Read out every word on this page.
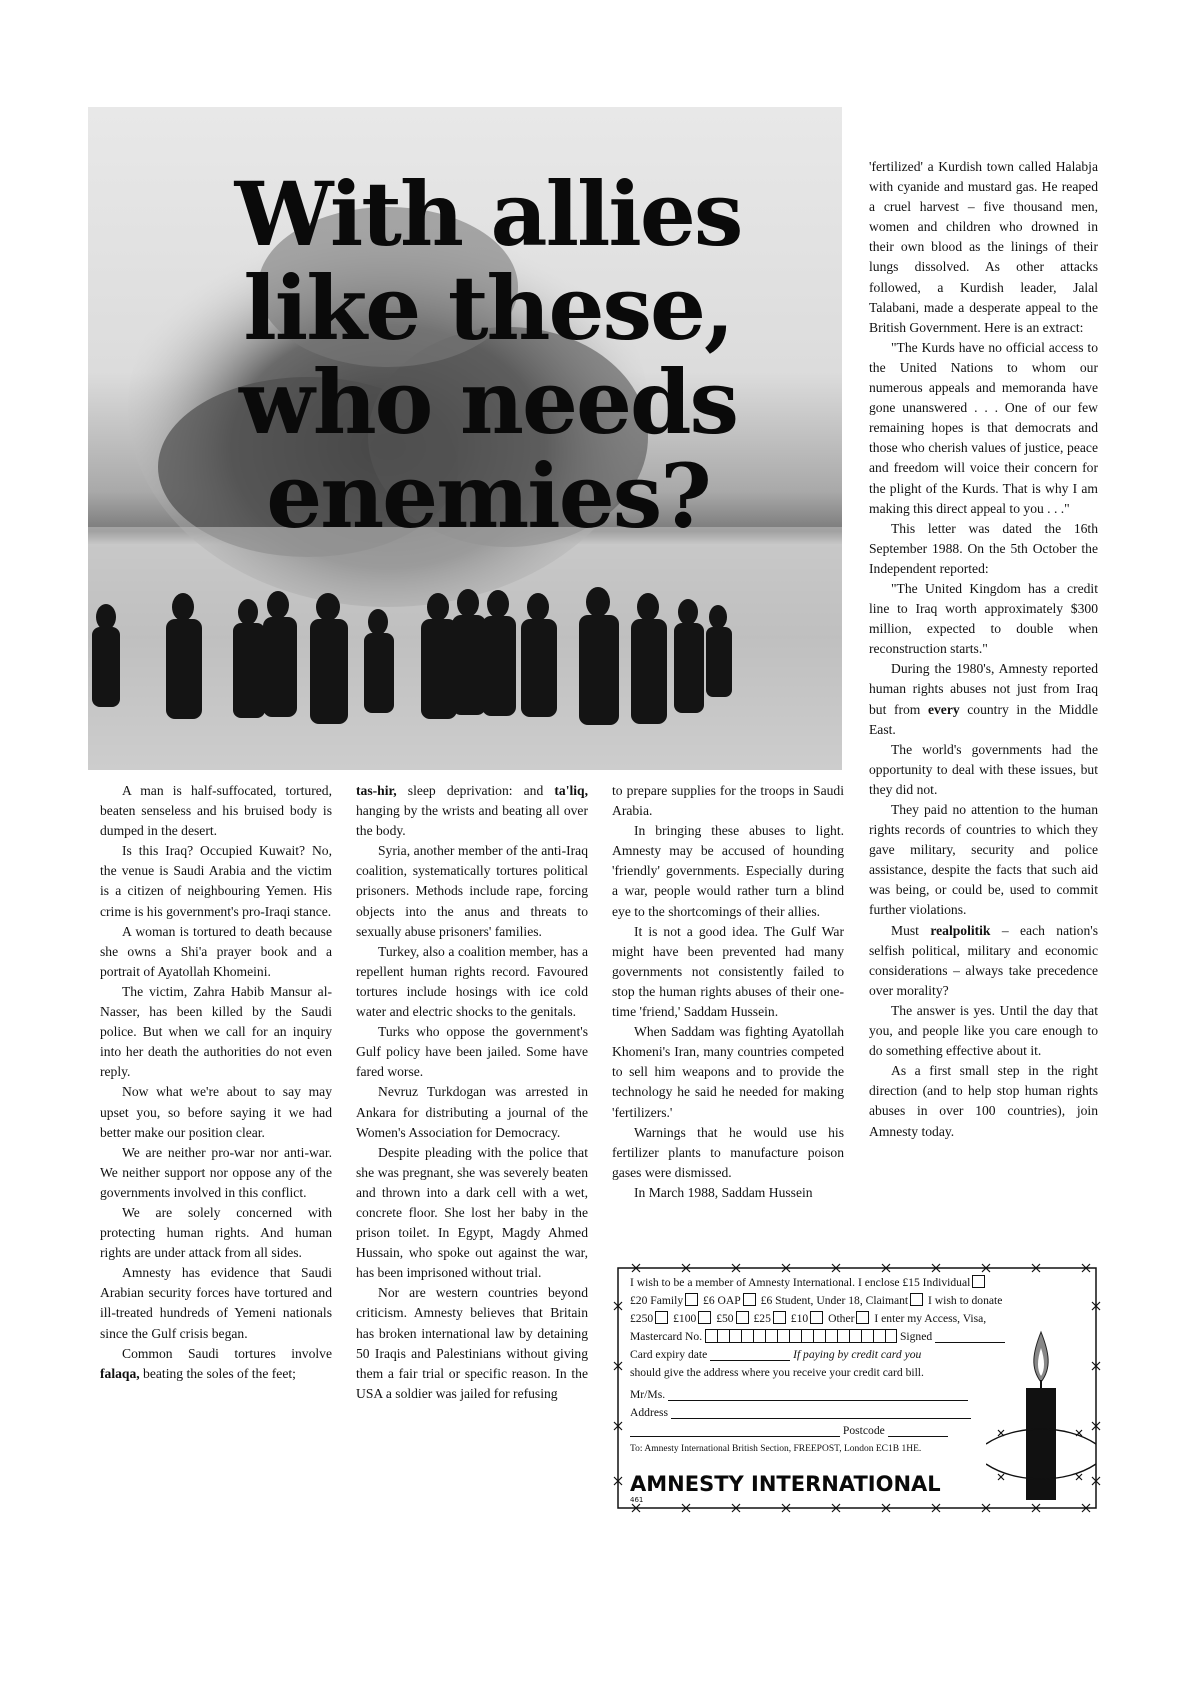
With allies
like these,
who needs
enemies?

A man is half-suffocated, tortured, beaten senseless and his bruised body is dumped in the desert.

Is this Iraq? Occupied Kuwait? No, the venue is Saudi Arabia and the victim is a citizen of neighbouring Yemen. His crime is his government's pro-Iraqi stance.

A woman is tortured to death because she owns a Shi'a prayer book and a portrait of Ayatollah Khomeini.

The victim, Zahra Habib Mansur al-Nasser, has been killed by the Saudi police. But when we call for an inquiry into her death the authorities do not even reply.

Now what we're about to say may upset you, so before saying it we had better make our position clear.

We are neither pro-war nor anti-war. We neither support nor oppose any of the governments involved in this conflict.

We are solely concerned with protecting human rights. And human rights are under attack from all sides.

Amnesty has evidence that Saudi Arabian security forces have tortured and ill-treated hundreds of Yemeni nationals since the Gulf crisis began.

Common Saudi tortures involve falaqa, beating the soles of the feet;

tas-hir, sleep deprivation: and ta'liq, hanging by the wrists and beating all over the body.

Syria, another member of the anti-Iraq coalition, systematically tortures political prisoners. Methods include rape, forcing objects into the anus and threats to sexually abuse prisoners' families.

Turkey, also a coalition member, has a repellent human rights record. Favoured tortures include hosings with ice cold water and electric shocks to the genitals.

Turks who oppose the government's Gulf policy have been jailed. Some have fared worse.

Nevruz Turkdogan was arrested in Ankara for distributing a journal of the Women's Association for Democracy.

Despite pleading with the police that she was pregnant, she was severely beaten and thrown into a dark cell with a wet, concrete floor. She lost her baby in the prison toilet. In Egypt, Magdy Ahmed Hussain, who spoke out against the war, has been imprisoned without trial.

Nor are western countries beyond criticism. Amnesty believes that Britain has broken international law by detaining 50 Iraqis and Palestinians without giving them a fair trial or specific reason. In the USA a soldier was jailed for refusing

to prepare supplies for the troops in Saudi Arabia.

In bringing these abuses to light. Amnesty may be accused of hounding 'friendly' governments. Especially during a war, people would rather turn a blind eye to the shortcomings of their allies.

It is not a good idea. The Gulf War might have been prevented had many governments not consistently failed to stop the human rights abuses of their one-time 'friend,' Saddam Hussein.

When Saddam was fighting Ayatollah Khomeni's Iran, many countries competed to sell him weapons and to provide the technology he said he needed for making 'fertilizers.'

Warnings that he would use his fertilizer plants to manufacture poison gases were dismissed.

In March 1988, Saddam Hussein

'fertilized' a Kurdish town called Halabja with cyanide and mustard gas. He reaped a cruel harvest – five thousand men, women and children who drowned in their own blood as the linings of their lungs dissolved. As other attacks followed, a Kurdish leader, Jalal Talabani, made a desperate appeal to the British Government. Here is an extract:

"The Kurds have no official access to the United Nations to whom our numerous appeals and memoranda have gone unanswered . . . One of our few remaining hopes is that democrats and those who cherish values of justice, peace and freedom will voice their concern for the plight of the Kurds. That is why I am making this direct appeal to you . . ."

This letter was dated the 16th September 1988. On the 5th October the Independent reported:

"The United Kingdom has a credit line to Iraq worth approximately $300 million, expected to double when reconstruction starts."

During the 1980's, Amnesty reported human rights abuses not just from Iraq but from every country in the Middle East.

The world's governments had the opportunity to deal with these issues, but they did not.

They paid no attention to the human rights records of countries to which they gave military, security and police assistance, despite the facts that such aid was being, or could be, used to commit further violations.

Must realpolitik – each nation's selfish political, military and economic considerations – always take precedence over morality?

The answer is yes. Until the day that you, and people like you care enough to do something effective about it.

As a first small step in the right direction (and to help stop human rights abuses in over 100 countries), join Amnesty today.

I wish to be a member of Amnesty International. I enclose £15 Individual
£20 Family £6 OAP £6 Student, Under 18, Claimant I wish to donate
£250 £100 £50 £25 £10 Other I enter my Access, Visa,
Mastercard No.	Signed
Card expiry date	If paying by credit card you
should give the address where you receive your credit card bill.
Mr/Ms.
Address
Postcode
To: Amnesty International British Section, FREEPOST, London EC1B 1HE.
AMNESTY INTERNATIONAL
461
